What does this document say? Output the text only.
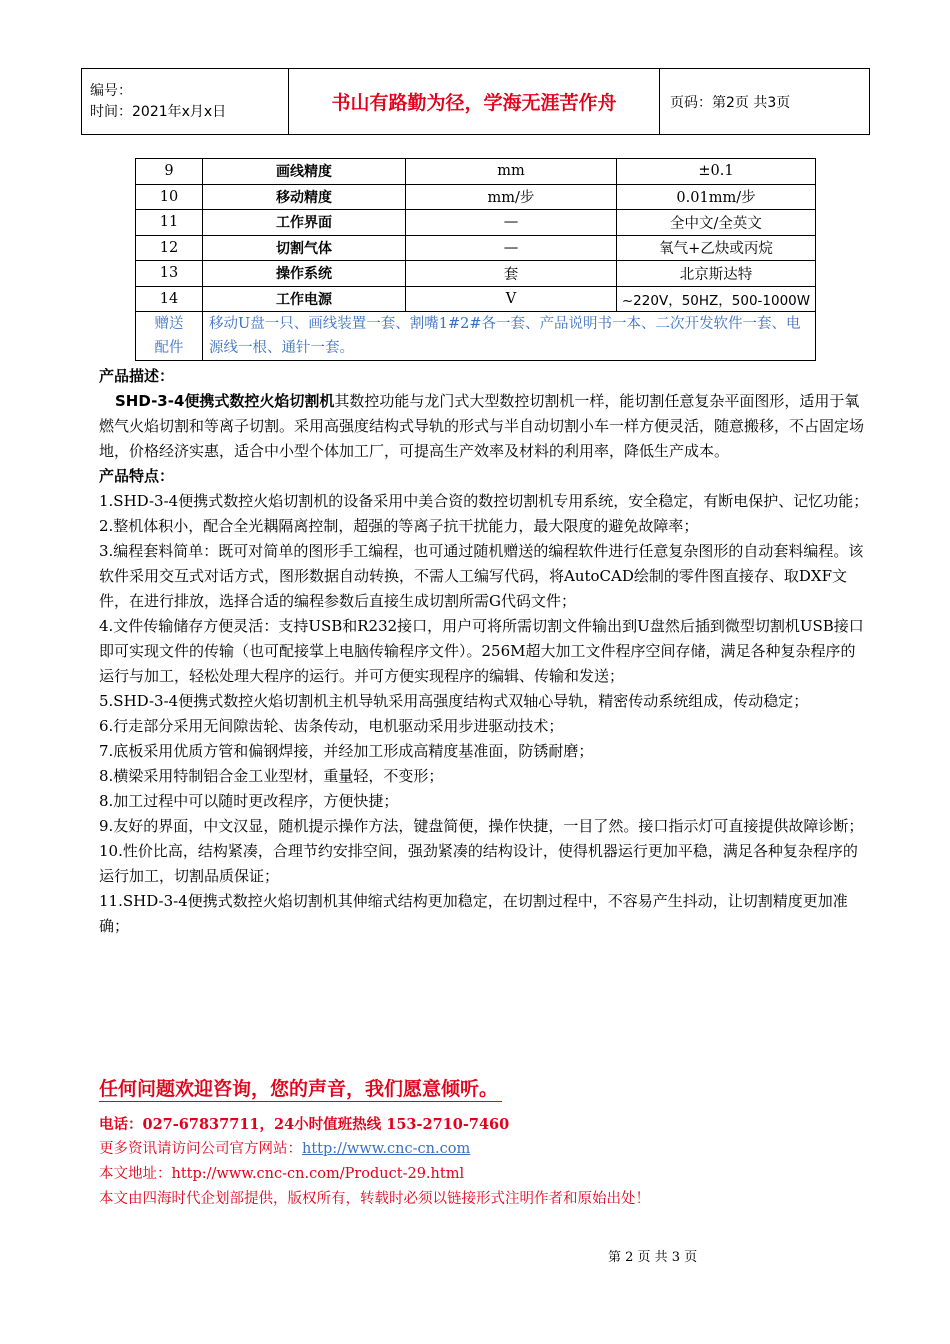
编号：
时间：2021年x月x日	书山有路勤为径，学海无涯苦作舟	页码：第2页 共3页
9	画线精度	mm	±0.1
10	移动精度	mm/步	0.01mm/步
11	工作界面	—	全中文/全英文
12	切割气体	—	氧气+乙炔或丙烷
13	操作系统	套	北京斯达特
14	工作电源	V	~220V，50HZ，500-1000W

赠送
配件	移动U盘一只、画线装置一套、割嘴1#2#各一套、产品说明书一本、二次开发软件一套、电源线一根、通针一套。		

产品描述：

SHD-3-4便携式数控火焰切割机其数控功能与龙门式大型数控切割机一样，能切割任意复杂平面图形，适用于氧燃气火焰切割和等离子切割。采用高强度结构式导轨的形式与半自动切割小车一样方便灵活，随意搬移，不占固定场地，价格经济实惠，适合中小型个体加工厂，可提高生产效率及材料的利用率，降低生产成本。

产品特点：

1.SHD-3-4便携式数控火焰切割机的设备采用中美合资的数控切割机专用系统，安全稳定，有断电保护、记忆功能；

2.整机体积小，配合全光耦隔离控制，超强的等离子抗干扰能力，最大限度的避免故障率；

3.编程套料简单：既可对简单的图形手工编程，也可通过随机赠送的编程软件进行任意复杂图形的自动套料编程。该软件采用交互式对话方式，图形数据自动转换，不需人工编写代码，将AutoCAD绘制的零件图直接存、取DXF文件，在进行排放，选择合适的编程参数后直接生成切割所需G代码文件；

4.文件传输储存方便灵活：支持USB和R232接口，用户可将所需切割文件输出到U盘然后插到微型切割机USB接口即可实现文件的传输（也可配接掌上电脑传输程序文件）。256M超大加工文件程序空间存储，满足各种复杂程序的运行与加工，轻松处理大程序的运行。并可方便实现程序的编辑、传输和发送；

5.SHD-3-4便携式数控火焰切割机主机导轨采用高强度结构式双轴心导轨，精密传动系统组成，传动稳定；

6.行走部分采用无间隙齿轮、齿条传动，电机驱动采用步进驱动技术；

7.底板采用优质方管和偏钢焊接，并经加工形成高精度基准面，防锈耐磨；

8.横梁采用特制铝合金工业型材，重量轻，不变形；

8.加工过程中可以随时更改程序，方便快捷；

9.友好的界面，中文汉显，随机提示操作方法，键盘简便，操作快捷，一目了然。接口指示灯可直接提供故障诊断；

10.性价比高，结构紧凑，合理节约安排空间，强劲紧凑的结构设计，使得机器运行更加平稳，满足各种复杂程序的运行加工，切割品质保证；

11.SHD-3-4便携式数控火焰切割机其伸缩式结构更加稳定，在切割过程中，不容易产生抖动，让切割精度更加准确；

任何问题欢迎咨询，您的声音，我们愿意倾听。

电话：027-67837711，24小时值班热线 153-2710-7460

更多资讯请访问公司官方网站：http://www.cnc-cn.com

本文地址：http://www.cnc-cn.com/Product-29.html

本文由四海时代企划部提供，版权所有，转载时必须以链接形式注明作者和原始出处！

第 2 页 共 3 页
